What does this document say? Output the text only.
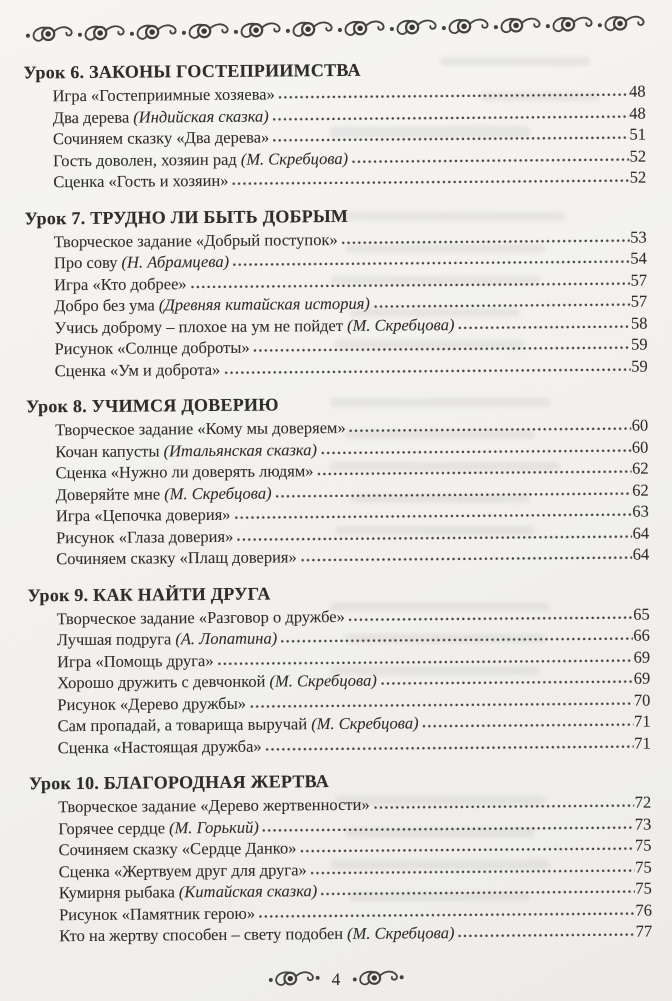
Урок 6. ЗАКОНЫ ГОСТЕПРИИМСТВА
Игра «Гостеприимные хозяева»	48
Два дерева (Индийская сказка)	48
Сочиняем сказку «Два дерева»	51
Гость доволен, хозяин рад (М. Скребцова)	52
Сценка «Гость и хозяин»	52
Урок 7. ТРУДНО ЛИ БЫТЬ ДОБРЫМ
Творческое задание «Добрый поступок»	53
Про сову (Н. Абрамцева)	54
Игра «Кто добрее»	57
Добро без ума (Древняя китайская история)	57
Учись доброму – плохое на ум не пойдет (М. Скребцова)	58
Рисунок «Солнце доброты»	59
Сценка «Ум и доброта»	59
Урок 8. УЧИМСЯ ДОВЕРИЮ
Творческое задание «Кому мы доверяем»	60
Кочан капусты (Итальянская сказка)	60
Сценка «Нужно ли доверять людям»	62
Доверяйте мне (М. Скребцова)	62
Игра «Цепочка доверия»	63
Рисунок «Глаза доверия»	64
Сочиняем сказку «Плащ доверия»	64
Урок 9. КАК НАЙТИ ДРУГА
Творческое задание «Разговор о дружбе»	65
Лучшая подруга (А. Лопатина)	66
Игра «Помощь друга»	69
Хорошо дружить с девчонкой (М. Скребцова)	69
Рисунок «Дерево дружбы»	70
Сам пропадай, а товарища выручай (М. Скребцова)	71
Сценка «Настоящая дружба»	71
Урок 10. БЛАГОРОДНАЯ ЖЕРТВА
Творческое задание «Дерево жертвенности»	72
Горячее сердце (М. Горький)	73
Сочиняем сказку «Сердце Данко»	75
Сценка «Жертвуем друг для друга»	75
Кумирня рыбака (Китайская сказка)	75
Рисунок «Памятник герою»	76
Кто на жертву способен – свету подобен (М. Скребцова)	77
4
